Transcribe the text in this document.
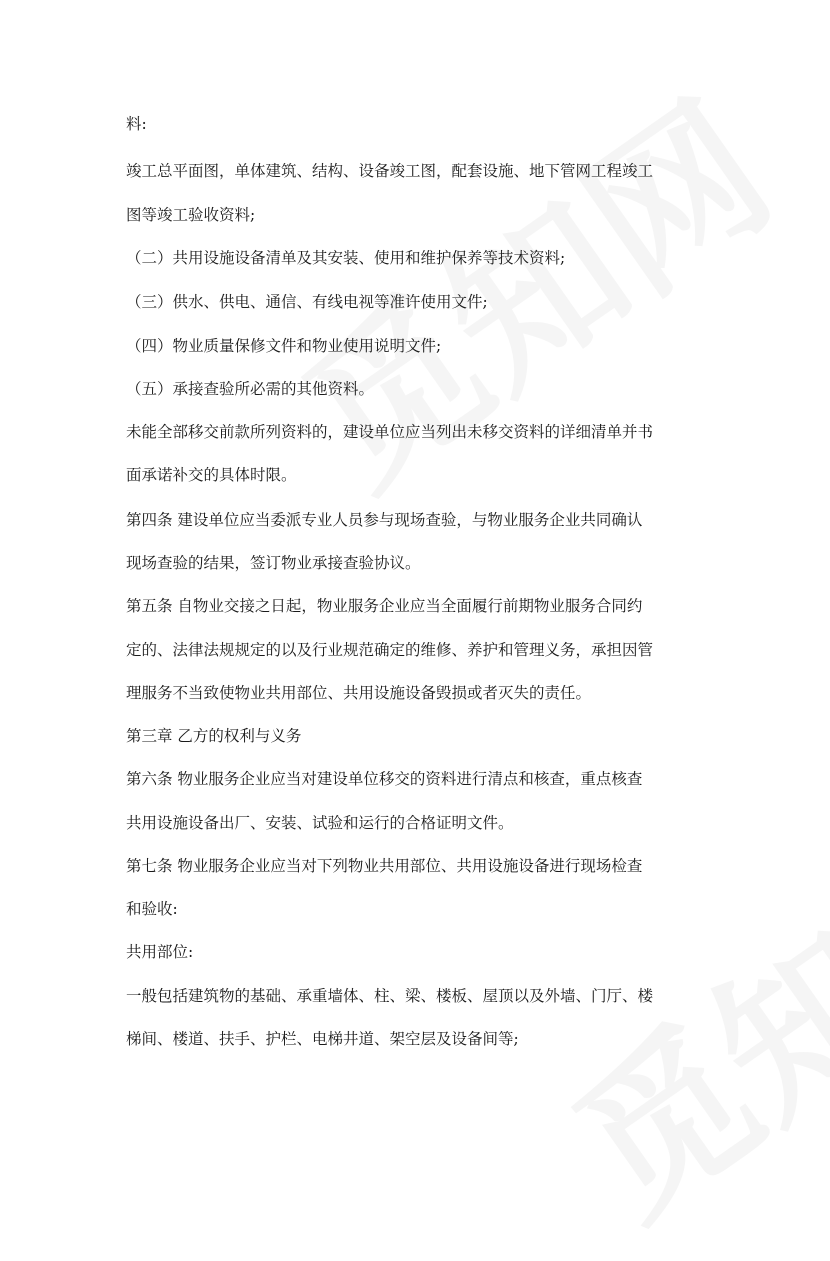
料:
竣工总平面图，单体建筑、结构、设备竣工图，配套设施、地下管网工程竣工
图等竣工验收资料;
（二）共用设施设备清单及其安装、使用和维护保养等技术资料;
（三）供水、供电、通信、有线电视等准许使用文件;
（四）物业质量保修文件和物业使用说明文件;
（五）承接查验所必需的其他资料。
未能全部移交前款所列资料的，建设单位应当列出未移交资料的详细清单并书
面承诺补交的具体时限。
第四条 建设单位应当委派专业人员参与现场查验，与物业服务企业共同确认
现场查验的结果，签订物业承接查验协议。
第五条 自物业交接之日起，物业服务企业应当全面履行前期物业服务合同约
定的、法律法规规定的以及行业规范确定的维修、养护和管理义务，承担因管
理服务不当致使物业共用部位、共用设施设备毁损或者灭失的责任。
第三章 乙方的权利与义务
第六条 物业服务企业应当对建设单位移交的资料进行清点和核查，重点核查
共用设施设备出厂、安装、试验和运行的合格证明文件。
第七条 物业服务企业应当对下列物业共用部位、共用设施设备进行现场检查
和验收:
共用部位:
一般包括建筑物的基础、承重墙体、柱、梁、楼板、屋顶以及外墙、门厅、楼
梯间、楼道、扶手、护栏、电梯井道、架空层及设备间等;
